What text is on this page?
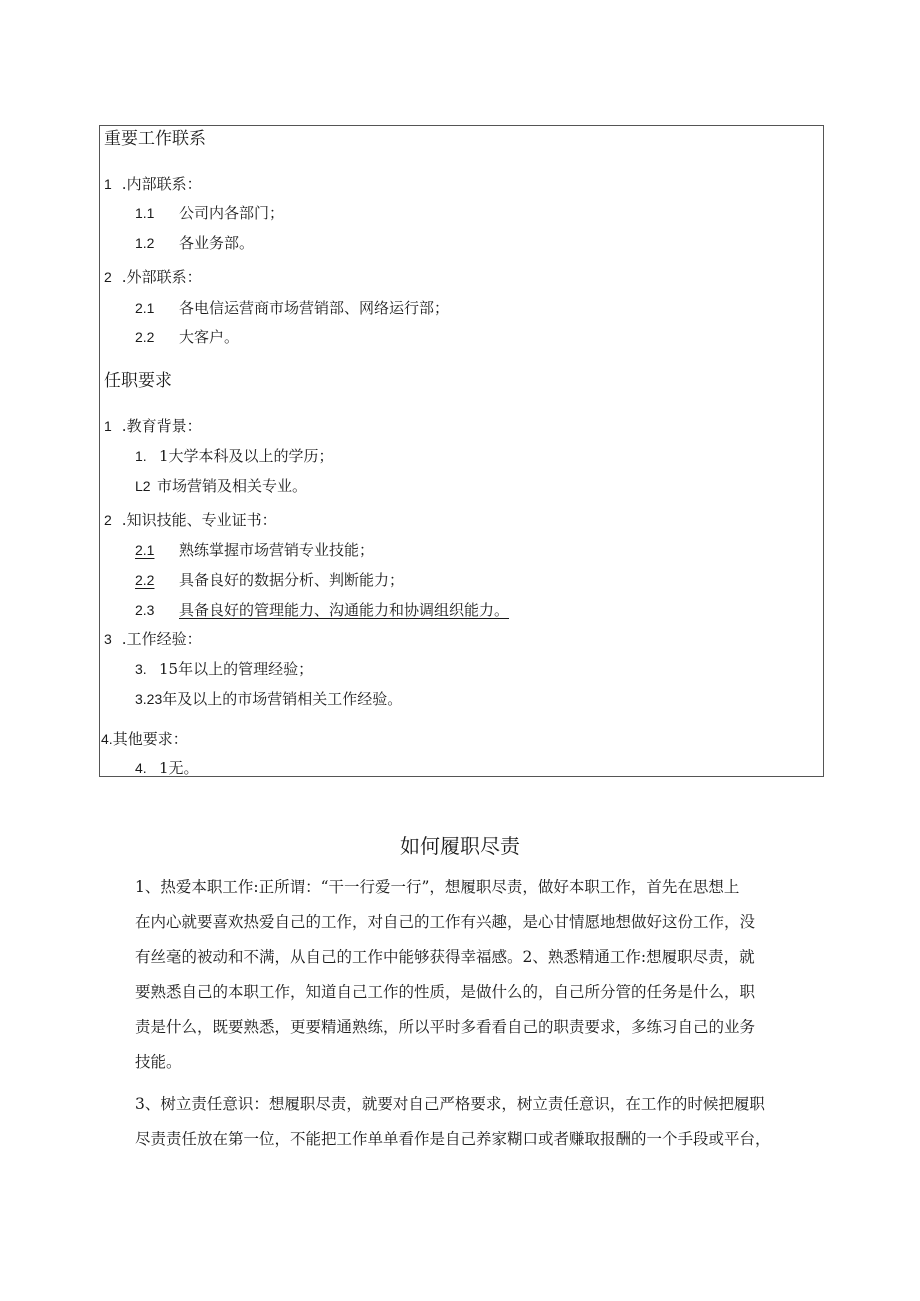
重要工作联系
1 .内部联系：
1.1 公司内各部门；
1.2 各业务部。
2 .外部联系：
2.1 各电信运营商市场营销部、网络运行部；
2.2 大客户。
任职要求
1 .教育背景：
1. 1大学本科及以上的学历；
L2 市场营销及相关专业。
2 .知识技能、专业证书：
2.1 熟练掌握市场营销专业技能；
2.2 具备良好的数据分析、判断能力；
2.3 具备良好的管理能力、沟通能力和协调组织能力。
3 .工作经验：
3. 15年以上的管理经验；
3.23年及以上的市场营销相关工作经验。
4.其他要求：
4. 1无。
如何履职尽责
1、热爱本职工作:正所谓：“干一行爱一行”，想履职尽责，做好本职工作，首先在思想上
在内心就要喜欢热爱自己的工作，对自己的工作有兴趣，是心甘情愿地想做好这份工作，没
有丝毫的被动和不满，从自己的工作中能够获得幸福感。2、熟悉精通工作:想履职尽责，就
要熟悉自己的本职工作，知道自己工作的性质，是做什么的，自己所分管的任务是什么，职
责是什么，既要熟悉，更要精通熟练，所以平时多看看自己的职责要求，多练习自己的业务
技能。
3、树立责任意识：想履职尽责，就要对自己严格要求，树立责任意识，在工作的时候把履职
尽责责任放在第一位，不能把工作单单看作是自己养家糊口或者赚取报酬的一个手段或平台，
